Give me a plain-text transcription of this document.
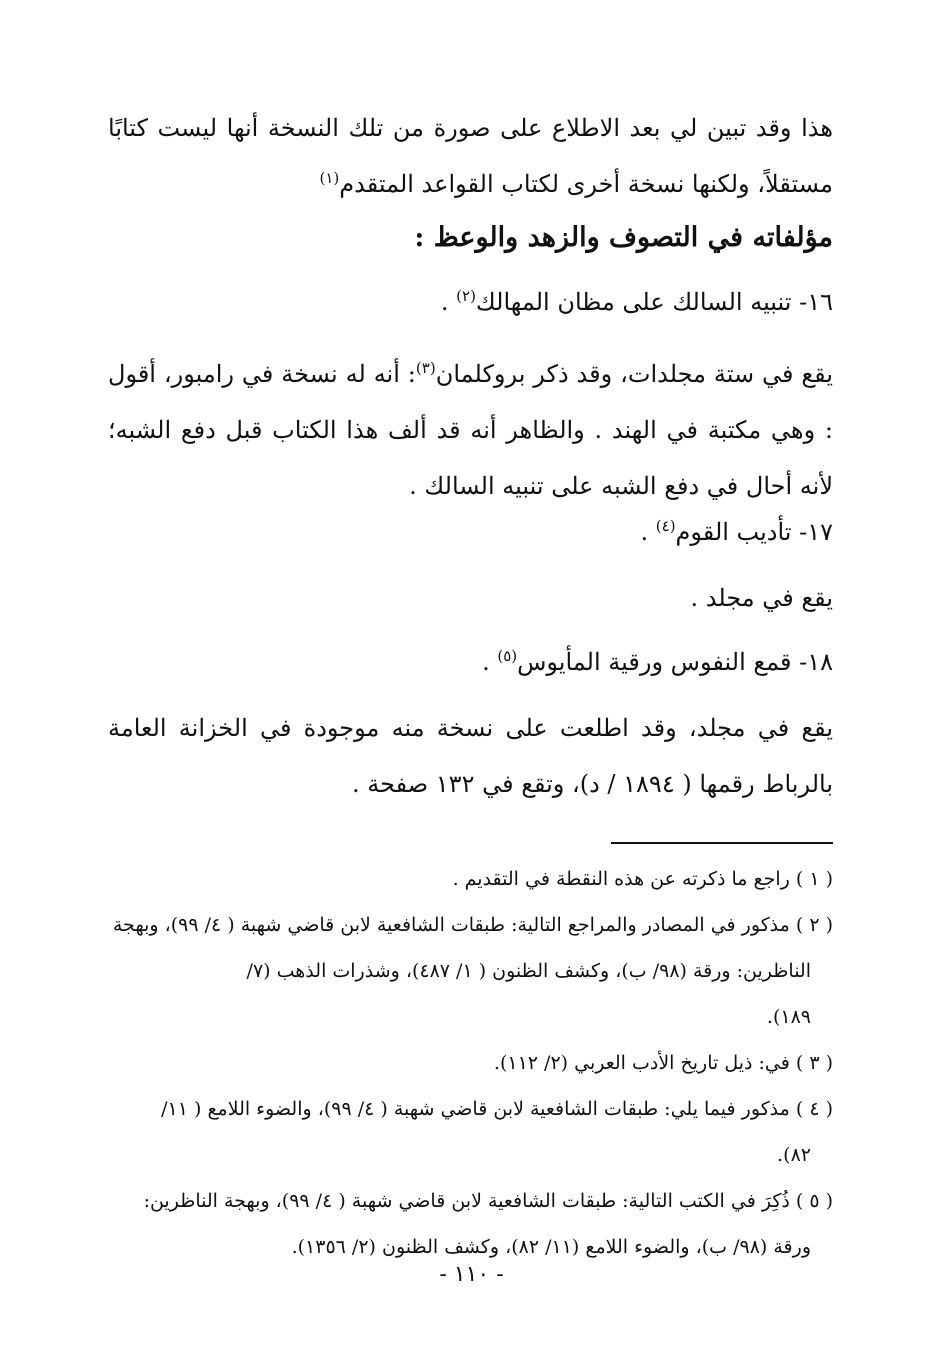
هذا وقد تبين لي بعد الاطلاع على صورة من تلك النسخة أنها ليست كتابًا مستقلاً، ولكنها نسخة أخرى لكتاب القواعد المتقدم$^{(١)}$

مؤلفاته في التصوف والزهد والوعظ :

١٦- تنبيه السالك على مظان المهالك$^{(٢)}$ .

يقع في ستة مجلدات، وقد ذكر بروكلمان$^{(٣)}$: أنه له نسخة في رامبور، أقول : وهي مكتبة في الهند . والظاهر أنه قد ألف هذا الكتاب قبل دفع الشبه؛ لأنه أحال في دفع الشبه على تنبيه السالك .

١٧- تأديب القوم$^{(٤)}$ .

يقع في مجلد .

١٨- قمع النفوس ورقية المأيوس$^{(٥)}$ .

يقع في مجلد، وقد اطلعت على نسخة منه موجودة في الخزانة العامة بالرباط رقمها ( ١٨٩٤ / د)، وتقع في ١٣٢ صفحة .

( ١ ) راجع ما ذكرته عن هذه النقطة في التقديم .
( ٢ ) مذكور في المصادر والمراجع التالية: طبقات الشافعية لابن قاضي شهبة ( ٤/ ٩٩)، وبهجة
الناظرين: ورقة (٩٨/ ب)، وكشف الظنون ( ١/ ٤٨٧)، وشذرات الذهب (٧/
١٨٩).
( ٣ ) في: ذيل تاريخ الأدب العربي (٢/ ١١٢).
( ٤ ) مذكور فيما يلي: طبقات الشافعية لابن قاضي شهبة ( ٤/ ٩٩)، والضوء اللامع ( ١١/
٨٢).
( ٥ ) ذُكِرَ في الكتب التالية: طبقات الشافعية لابن قاضي شهبة ( ٤/ ٩٩)، وبهجة الناظرين:
ورقة (٩٨/ ب)، والضوء اللامع (١١/ ٨٢)، وكشف الظنون (٢/ ١٣٥٦).
- ١١٠ -
